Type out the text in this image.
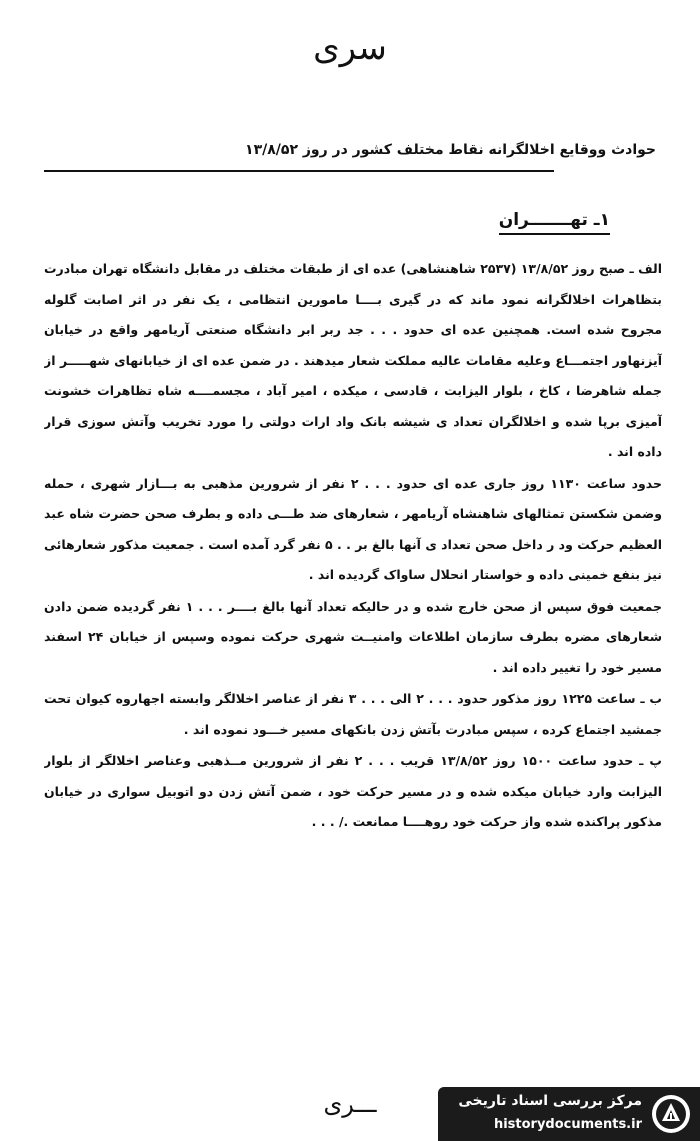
سری
حوادث ووقایع اخلالگرانه نقاط مختلف کشور در روز ۱۳/۸/۵۲
۱ـ تهـــــــران

الف ـ صبح روز ۱۳/۸/۵۲ (۲۵۳۷ شاهنشاهی) عده ای از طبقات مختلف در مقابل دانشگاه تهران مبادرت بتظاهرات اخلالگرانه نمود ماند که در گیری بــــا مامورین انتظامی ، یک نفر در اثر اصابت گلوله مجروح شده است. همچنین عده ای حدود . . . جد ربر ابر دانشگاه صنعتی آریامهر واقع در خیابان آیزنهاور اجتمـــاع وعلیه مقامات عالیه مملکت شعار میدهند . در ضمن عده ای از خیابانهای شهـــــر از جمله شاهرضا ، کاخ ، بلوار الیزابت ، قادسی ، میکده ، امیر آباد ، مجسمــــه شاه تظاهرات خشونت آمیزی برپا شده و اخلالگران تعداد ی شیشه بانک واد ارات دولتی را مورد تخریب وآتش سوزی قرار داده اند .

حدود ساعت ۱۱۳۰ روز جاری عده ای حدود . . . ۲ نفر از شرورین مذهبی به بـــازار شهری ، حمله وضمن شکستن تمثالهای شاهنشاه آریامهر ، شعارهای ضد طـــی داده و بطرف صحن حضرت شاه عبد العظیم حرکت ود ر داخل صحن تعداد ی آنها بالغ بر . . ۵ نفر گرد آمده است . جمعیت مذکور شعارهائی نیز بنفع خمینی داده و خواستار انحلال ساواک گردیده اند .

جمعیت فوق سپس از صحن خارج شده و در حالیکه تعداد آنها بالغ بــــر . . . ۱ نفر گردیده ضمن دادن شعارهای مضره بطرف سازمان اطلاعات وامنیــت شهری حرکت نموده وسپس از خیابان ۲۴ اسفند مسیر خود را تغییر داده اند .

ب ـ ساعت ۱۲۲۵ روز مذکور حدود . . . ۲ الی . . . ۳ نفر از عناصر اخلالگر وابسته اجهاروه کیوان تحت جمشید اجتماع کرده ، سپس مبادرت بآتش زدن بانکهای مسیر خـــود نموده اند .

پ ـ حدود ساعت ۱۵۰۰ روز ۱۳/۸/۵۲ قریب . . . ۲ نفر از شرورین مــذهبی وعناصر اخلالگر از بلوار الیزابت وارد خیابان میکده شده و در مسیر حرکت خود ، ضمن آتش زدن دو اتوبیل سواری در خیابان مذکور پراکنده شده واز حرکت خود روهــــا ممانعت ./ . . .

ـــرى	مرکز بررسی اسناد تاریخی
historydocuments.ir
